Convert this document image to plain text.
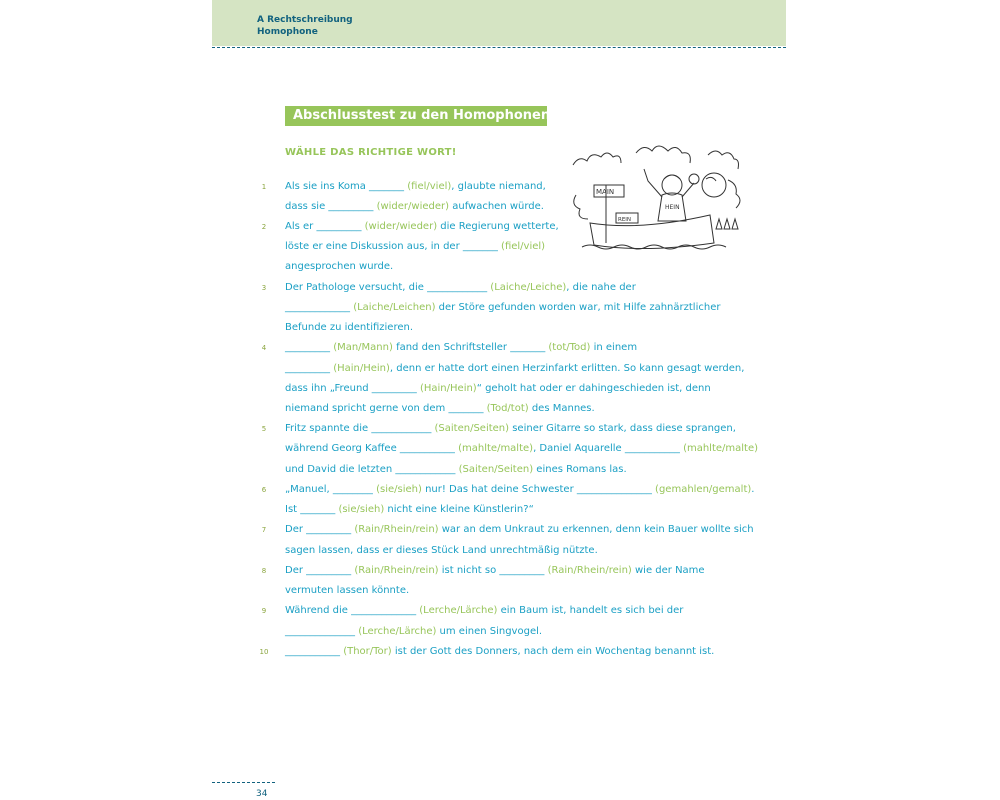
A Rechtschreibung
Homophone
Abschlusstest zu den Homophonen
WÄHLE DAS RICHTIGE WORT!
1
2
3
4
5
6
7
8
9
10
Als sie ins Koma _______ (fiel/viel), glaubte niemand,
dass sie _________ (wider/wieder) aufwachen würde.
Als er _________ (wider/wieder) die Regierung wetterte,
löste er eine Diskussion aus, in der _______ (fiel/viel)
angesprochen wurde.
Der Pathologe versucht, die ____________ (Laiche/Leiche), die nahe der
_____________ (Laiche/Leichen) der Störe gefunden worden war, mit Hilfe zahnärztlicher
Befunde zu identifizieren.
_________ (Man/Mann) fand den Schriftsteller _______ (tot/Tod) in einem
_________ (Hain/Hein), denn er hatte dort einen Herzinfarkt erlitten. So kann gesagt werden,
dass ihn „Freund _________ (Hain/Hein)“ geholt hat oder er dahingeschieden ist, denn
niemand spricht gerne von dem _______ (Tod/tot) des Mannes.
Fritz spannte die ____________ (Saiten/Seiten) seiner Gitarre so stark, dass diese sprangen,
während Georg Kaffee ___________ (mahlte/malte), Daniel Aquarelle ___________ (mahlte/malte)
und David die letzten ____________ (Saiten/Seiten) eines Romans las.
„Manuel, ________ (sie/sieh) nur! Das hat deine Schwester _______________ (gemahlen/gemalt).
Ist _______ (sie/sieh) nicht eine kleine Künstlerin?“
Der _________ (Rain/Rhein/rein) war an dem Unkraut zu erkennen, denn kein Bauer wollte sich
sagen lassen, dass er dieses Stück Land unrechtmäßig nützte.
Der _________ (Rain/Rhein/rein) ist nicht so _________ (Rain/Rhein/rein) wie der Name
vermuten lassen könnte.
Während die _____________ (Lerche/Lärche) ein Baum ist, handelt es sich bei der
______________ (Lerche/Lärche) um einen Singvogel.
___________ (Thor/Tor) ist der Gott des Donners, nach dem ein Wochentag benannt ist.
MAIN
REIN
HEIN
34
